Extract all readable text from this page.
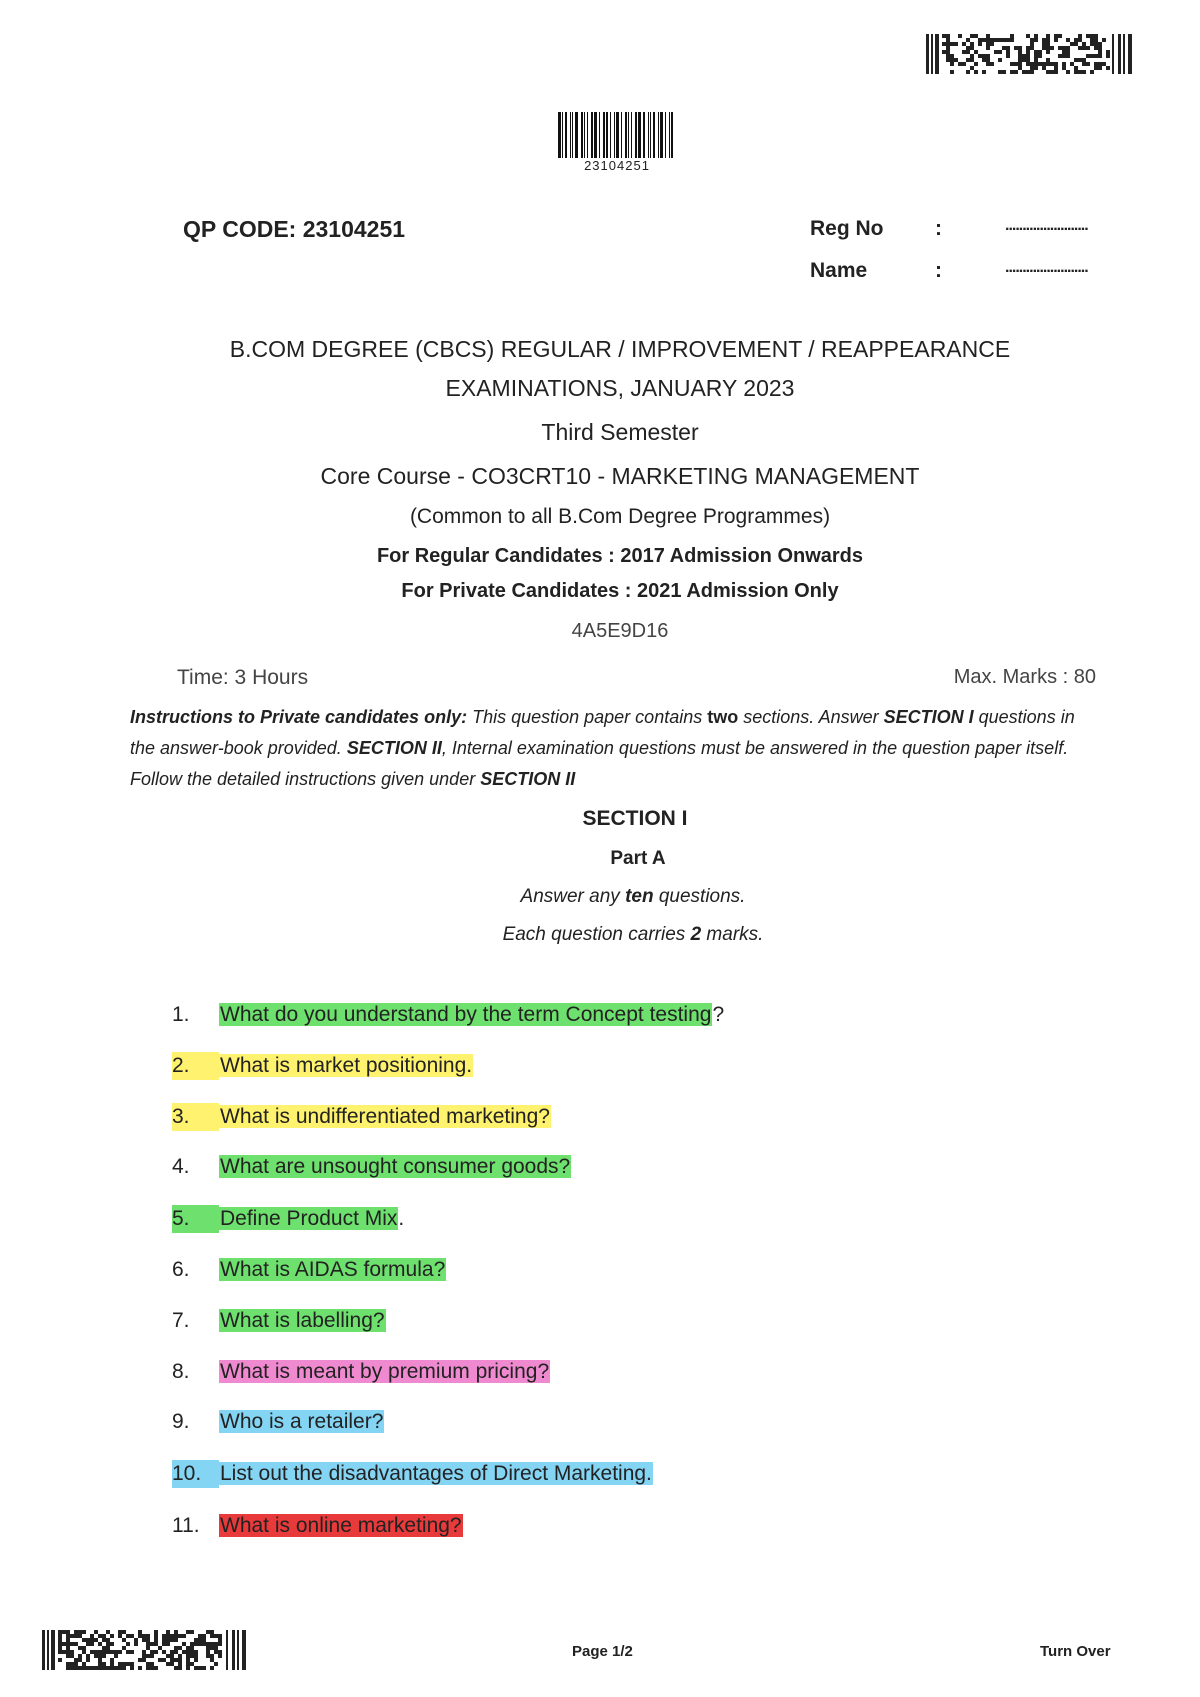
23104251
QP CODE: 23104251	Reg No :	........................
Name	:	........................
B.COM DEGREE (CBCS) REGULAR / IMPROVEMENT / REAPPEARANCE
EXAMINATIONS, JANUARY 2023
Third Semester
Core Course - CO3CRT10 - MARKETING MANAGEMENT
(Common to all B.Com Degree Programmes)
For Regular Candidates : 2017 Admission Onwards
For Private Candidates : 2021 Admission Only
4A5E9D16
Time: 3 Hours	Max. Marks : 80
Instructions to Private candidates only: This question paper contains two sections. Answer SECTION I questions in the answer-book provided. SECTION II, Internal examination questions must be answered in the question paper itself. Follow the detailed instructions given under SECTION II
SECTION I
Part A
Answer any ten questions.
Each question carries 2 marks.
1. What do you understand by the term Concept testing?
2. What is market positioning.
3. What is undifferentiated marketing?
4. What are unsought consumer goods?
5. Define Product Mix.
6. What is AIDAS formula?
7. What is labelling?
8. What is meant by premium pricing?
9. Who is a retailer?
10. List out the disadvantages of Direct Marketing.
11. What is online marketing?
Page 1/2	Turn Over
